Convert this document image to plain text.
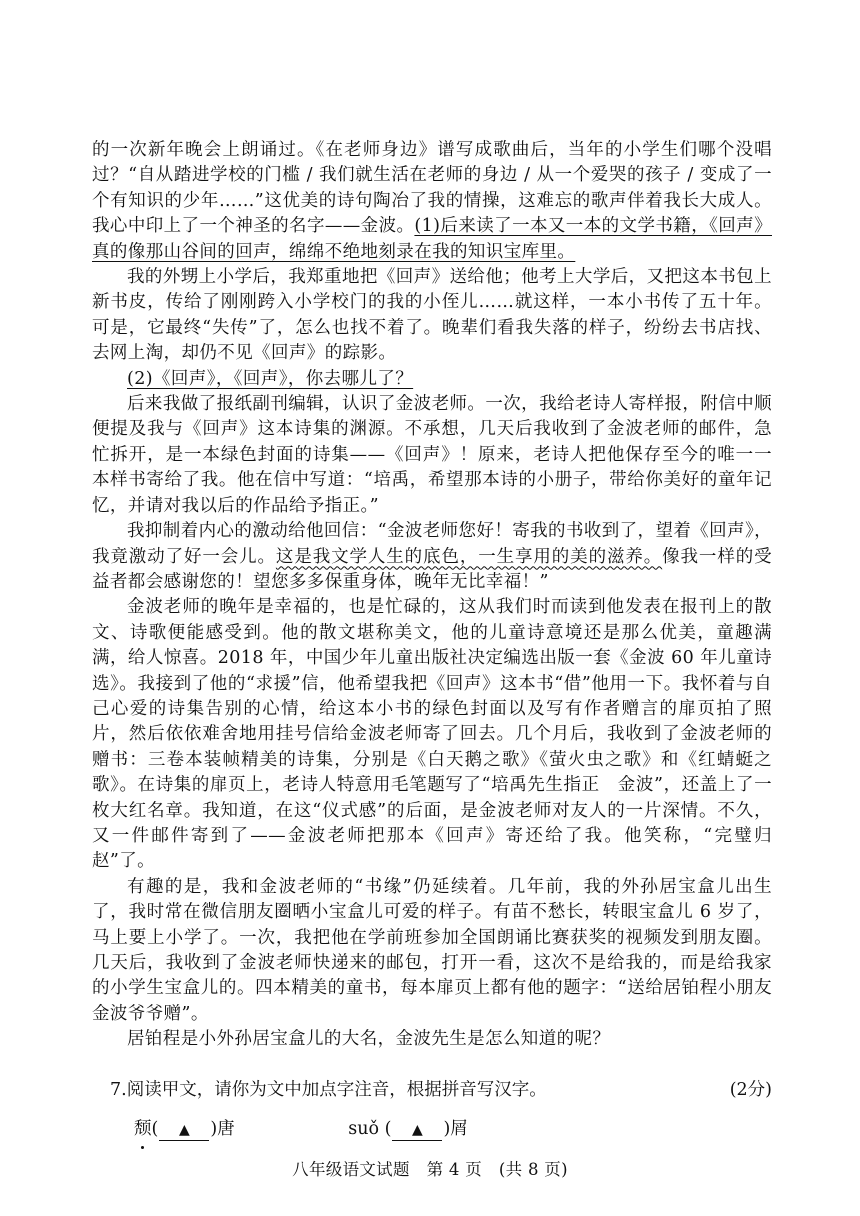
的一次新年晚会上朗诵过。《在老师身边》谱写成歌曲后，当年的小学生们哪个没唱过？“自从踏进学校的门槛 / 我们就生活在老师的身边 / 从一个爱哭的孩子 / 变成了一个有知识的少年……”这优美的诗句陶冶了我的情操，这难忘的歌声伴着我长大成人。我心中印上了一个神圣的名字——金波。(1)后来读了一本又一本的文学书籍，《回声》真的像那山谷间的回声，绵绵不绝地刻录在我的知识宝库里。

我的外甥上小学后，我郑重地把《回声》送给他；他考上大学后，又把这本书包上新书皮，传给了刚刚跨入小学校门的我的小侄儿……就这样，一本小书传了五十年。可是，它最终“失传”了，怎么也找不着了。晚辈们看我失落的样子，纷纷去书店找、去网上淘，却仍不见《回声》的踪影。

(2)《回声》，《回声》，你去哪儿了？

后来我做了报纸副刊编辑，认识了金波老师。一次，我给老诗人寄样报，附信中顺便提及我与《回声》这本诗集的渊源。不承想，几天后我收到了金波老师的邮件，急忙拆开，是一本绿色封面的诗集——《回声》！原来，老诗人把他保存至今的唯一一本样书寄给了我。他在信中写道：“培禹，希望那本诗的小册子，带给你美好的童年记忆，并请对我以后的作品给予指正。”

我抑制着内心的激动给他回信：“金波老师您好！寄我的书收到了，望着《回声》，我竟激动了好一会儿。这是我文学人生的底色，一生享用的美的滋养。像我一样的受益者都会感谢您的！望您多多保重身体，晚年无比幸福！”

金波老师的晚年是幸福的，也是忙碌的，这从我们时而读到他发表在报刊上的散文、诗歌便能感受到。他的散文堪称美文，他的儿童诗意境还是那么优美，童趣满满，给人惊喜。2018 年，中国少年儿童出版社决定编选出版一套《金波 60 年儿童诗选》。我接到了他的“求援”信，他希望我把《回声》这本书“借”他用一下。我怀着与自己心爱的诗集告别的心情，给这本小书的绿色封面以及写有作者赠言的扉页拍了照片，然后依依难舍地用挂号信给金波老师寄了回去。几个月后，我收到了金波老师的赠书：三卷本装帧精美的诗集，分别是《白天鹅之歌》《萤火虫之歌》和《红蜻蜓之歌》。在诗集的扉页上，老诗人特意用毛笔题写了“培禹先生指正　金波”，还盖上了一枚大红名章。我知道，在这“仪式感”的后面，是金波老师对友人的一片深情。不久，又一件邮件寄到了——金波老师把那本《回声》寄还给了我。他笑称，“完璧归赵”了。

有趣的是，我和金波老师的“书缘”仍延续着。几年前，我的外孙居宝盒儿出生了，我时常在微信朋友圈晒小宝盒儿可爱的样子。有苗不愁长，转眼宝盒儿 6 岁了，马上要上小学了。一次，我把他在学前班参加全国朗诵比赛获奖的视频发到朋友圈。几天后，我收到了金波老师快递来的邮包，打开一看，这次不是给我的，而是给我家的小学生宝盒儿的。四本精美的童书，每本扉页上都有他的题字：“送给居铂程小朋友　金波爷爷赠”。

居铂程是小外孙居宝盒儿的大名，金波先生是怎么知道的呢？

7.阅读甲文，请你为文中加点字注音，根据拼音写汉字。	(2分)
颓( ▲ )唐	suǒ ( ▲ )屑
八年级语文试题　第 4 页　(共 8 页)
